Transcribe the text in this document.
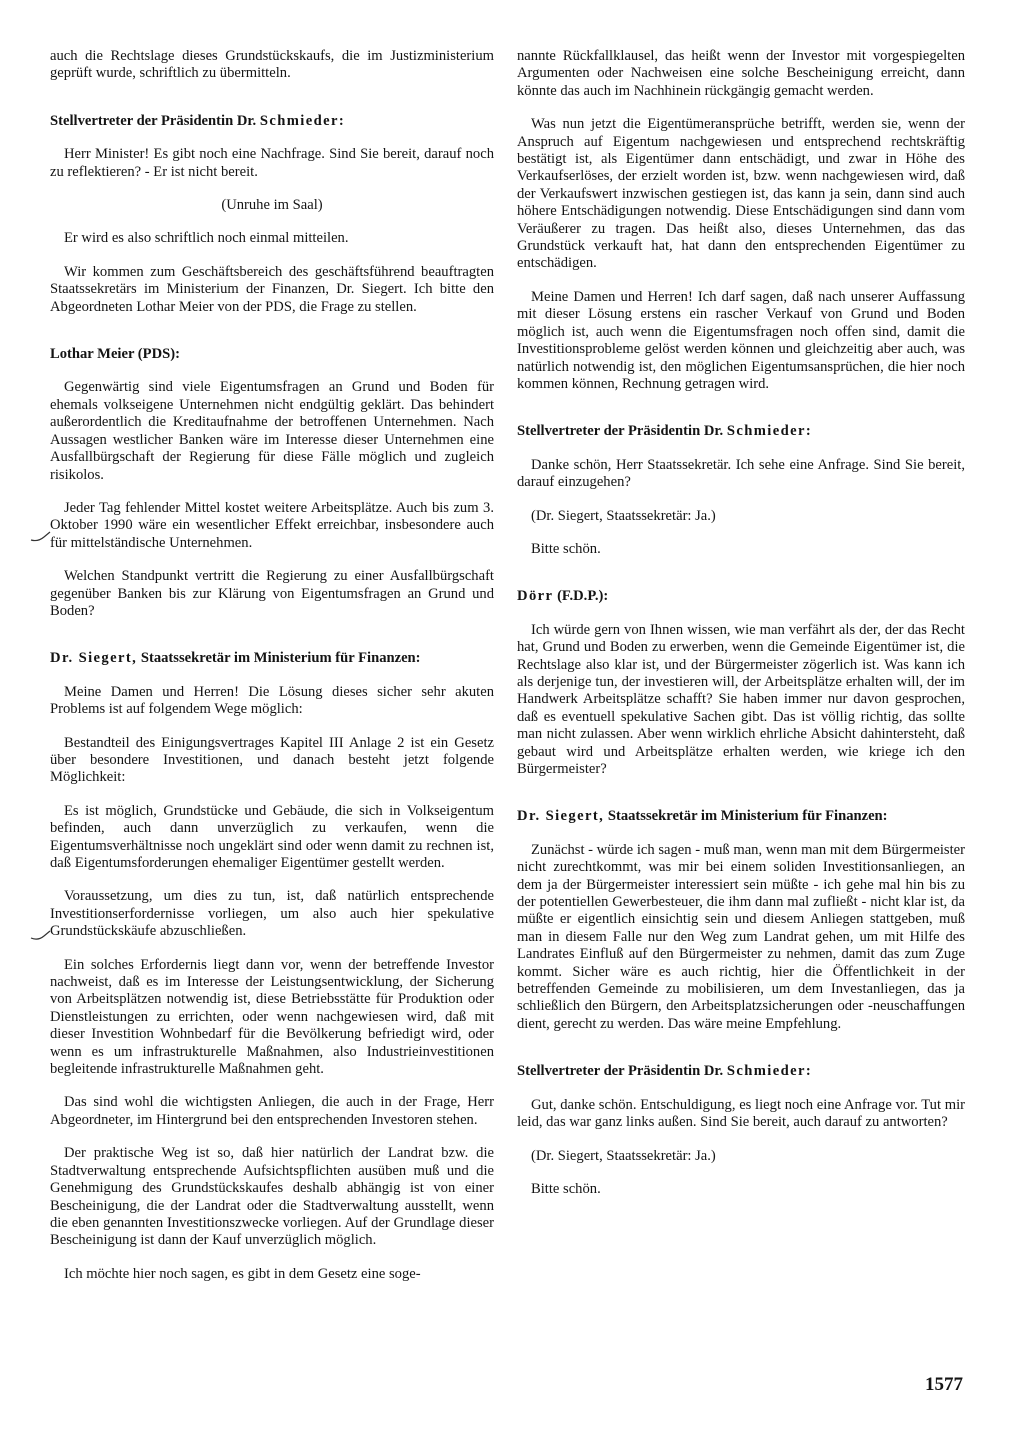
auch die Rechtslage dieses Grundstückskaufs, die im Justizministerium geprüft wurde, schriftlich zu übermitteln.

Stellvertreter der Präsidentin Dr. Schmieder:

Herr Minister! Es gibt noch eine Nachfrage. Sind Sie bereit, darauf noch zu reflektieren? - Er ist nicht bereit.

(Unruhe im Saal)

Er wird es also schriftlich noch einmal mitteilen.

Wir kommen zum Geschäftsbereich des geschäftsführend beauftragten Staatssekretärs im Ministerium der Finanzen, Dr. Siegert. Ich bitte den Abgeordneten Lothar Meier von der PDS, die Frage zu stellen.

Lothar Meier (PDS):

Gegenwärtig sind viele Eigentumsfragen an Grund und Boden für ehemals volkseigene Unternehmen nicht endgültig geklärt. Das behindert außerordentlich die Kreditaufnahme der betroffenen Unternehmen. Nach Aussagen westlicher Banken wäre im Interesse dieser Unternehmen eine Ausfallbürgschaft der Regierung für diese Fälle möglich und zugleich risikolos.

Jeder Tag fehlender Mittel kostet weitere Arbeitsplätze. Auch bis zum 3. Oktober 1990 wäre ein wesentlicher Effekt erreichbar, insbesondere auch für mittelständische Unternehmen.

Welchen Standpunkt vertritt die Regierung zu einer Ausfallbürgschaft gegenüber Banken bis zur Klärung von Eigentumsfragen an Grund und Boden?

Dr. Siegert, Staatssekretär im Ministerium für Finanzen:

Meine Damen und Herren! Die Lösung dieses sicher sehr akuten Problems ist auf folgendem Wege möglich:

Bestandteil des Einigungsvertrages Kapitel III Anlage 2 ist ein Gesetz über besondere Investitionen, und danach besteht jetzt folgende Möglichkeit:

Es ist möglich, Grundstücke und Gebäude, die sich in Volkseigentum befinden, auch dann unverzüglich zu verkaufen, wenn die Eigentumsverhältnisse noch ungeklärt sind oder wenn damit zu rechnen ist, daß Eigentumsforderungen ehemaliger Eigentümer gestellt werden.

Voraussetzung, um dies zu tun, ist, daß natürlich entsprechende Investitionserfordernisse vorliegen, um also auch hier spekulative Grundstückskäufe abzuschließen.

Ein solches Erfordernis liegt dann vor, wenn der betreffende Investor nachweist, daß es im Interesse der Leistungsentwicklung, der Sicherung von Arbeitsplätzen notwendig ist, diese Betriebsstätte für Produktion oder Dienstleistungen zu errichten, oder wenn nachgewiesen wird, daß mit dieser Investition Wohnbedarf für die Bevölkerung befriedigt wird, oder wenn es um infrastrukturelle Maßnahmen, also Industrieinvestitionen begleitende infrastrukturelle Maßnahmen geht.

Das sind wohl die wichtigsten Anliegen, die auch in der Frage, Herr Abgeordneter, im Hintergrund bei den entsprechenden Investoren stehen.

Der praktische Weg ist so, daß hier natürlich der Landrat bzw. die Stadtverwaltung entsprechende Aufsichtspflichten ausüben muß und die Genehmigung des Grundstückskaufes deshalb abhängig ist von einer Bescheinigung, die der Landrat oder die Stadtverwaltung ausstellt, wenn die eben genannten Investitionszwecke vorliegen. Auf der Grundlage dieser Bescheinigung ist dann der Kauf unverzüglich möglich.

Ich möchte hier noch sagen, es gibt in dem Gesetz eine soge-

nannte Rückfallklausel, das heißt wenn der Investor mit vorgespiegelten Argumenten oder Nachweisen eine solche Bescheinigung erreicht, dann könnte das auch im Nachhinein rückgängig gemacht werden.

Was nun jetzt die Eigentümeransprüche betrifft, werden sie, wenn der Anspruch auf Eigentum nachgewiesen und entsprechend rechtskräftig bestätigt ist, als Eigentümer dann entschädigt, und zwar in Höhe des Verkaufserlöses, der erzielt worden ist, bzw. wenn nachgewiesen wird, daß der Verkaufswert inzwischen gestiegen ist, das kann ja sein, dann sind auch höhere Entschädigungen notwendig. Diese Entschädigungen sind dann vom Veräußerer zu tragen. Das heißt also, dieses Unternehmen, das das Grundstück verkauft hat, hat dann den entsprechenden Eigentümer zu entschädigen.

Meine Damen und Herren! Ich darf sagen, daß nach unserer Auffassung mit dieser Lösung erstens ein rascher Verkauf von Grund und Boden möglich ist, auch wenn die Eigentumsfragen noch offen sind, damit die Investitionsprobleme gelöst werden können und gleichzeitig aber auch, was natürlich notwendig ist, den möglichen Eigentumsansprüchen, die hier noch kommen können, Rechnung getragen wird.

Stellvertreter der Präsidentin Dr. Schmieder:

Danke schön, Herr Staatssekretär. Ich sehe eine Anfrage. Sind Sie bereit, darauf einzugehen?

(Dr. Siegert, Staatssekretär: Ja.)

Bitte schön.

Dörr (F.D.P.):

Ich würde gern von Ihnen wissen, wie man verfährt als der, der das Recht hat, Grund und Boden zu erwerben, wenn die Gemeinde Eigentümer ist, die Rechtslage also klar ist, und der Bürgermeister zögerlich ist. Was kann ich als derjenige tun, der investieren will, der Arbeitsplätze erhalten will, der im Handwerk Arbeitsplätze schafft? Sie haben immer nur davon gesprochen, daß es eventuell spekulative Sachen gibt. Das ist völlig richtig, das sollte man nicht zulassen. Aber wenn wirklich ehrliche Absicht dahintersteht, daß gebaut wird und Arbeitsplätze erhalten werden, wie kriege ich den Bürgermeister?

Dr. Siegert, Staatssekretär im Ministerium für Finanzen:

Zunächst - würde ich sagen - muß man, wenn man mit dem Bürgermeister nicht zurechtkommt, was mir bei einem soliden Investitionsanliegen, an dem ja der Bürgermeister interessiert sein müßte - ich gehe mal hin bis zu der potentiellen Gewerbesteuer, die ihm dann mal zufließt - nicht klar ist, da müßte er eigentlich einsichtig sein und diesem Anliegen stattgeben, muß man in diesem Falle nur den Weg zum Landrat gehen, um mit Hilfe des Landrates Einfluß auf den Bürgermeister zu nehmen, damit das zum Zuge kommt. Sicher wäre es auch richtig, hier die Öffentlichkeit in der betreffenden Gemeinde zu mobilisieren, um dem Investanliegen, das ja schließlich den Bürgern, den Arbeitsplatzsicherungen oder -neuschaffungen dient, gerecht zu werden. Das wäre meine Empfehlung.

Stellvertreter der Präsidentin Dr. Schmieder:

Gut, danke schön. Entschuldigung, es liegt noch eine Anfrage vor. Tut mir leid, das war ganz links außen. Sind Sie bereit, auch darauf zu antworten?

(Dr. Siegert, Staatssekretär: Ja.)

Bitte schön.

1577
